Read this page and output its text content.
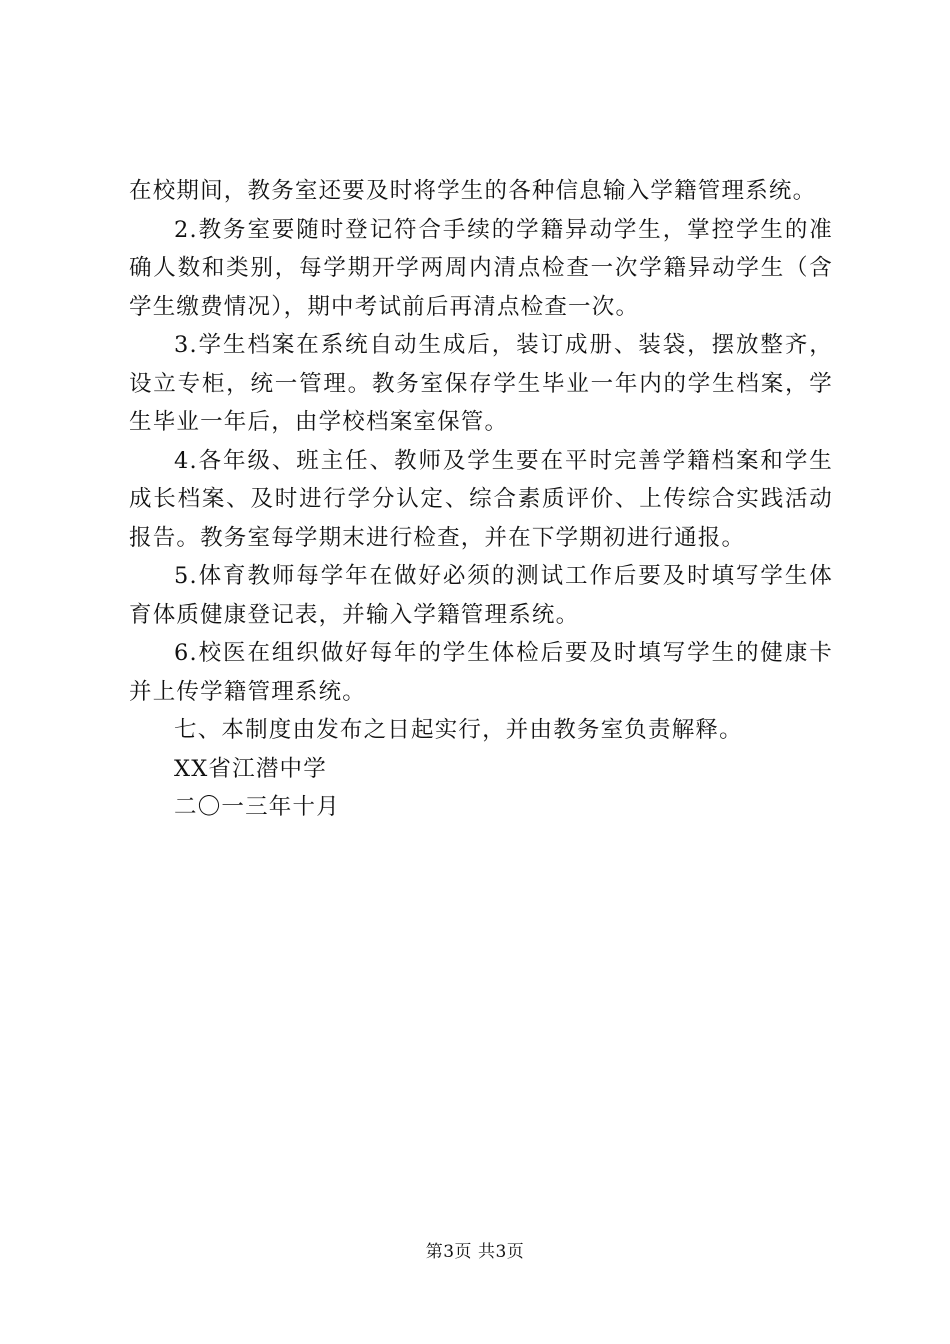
在校期间，教务室还要及时将学生的各种信息输入学籍管理系统。

2.教务室要随时登记符合手续的学籍异动学生，掌控学生的准确人数和类别，每学期开学两周内清点检查一次学籍异动学生（含学生缴费情况），期中考试前后再清点检查一次。

3.学生档案在系统自动生成后，装订成册、装袋，摆放整齐，设立专柜，统一管理。教务室保存学生毕业一年内的学生档案，学生毕业一年后，由学校档案室保管。

4.各年级、班主任、教师及学生要在平时完善学籍档案和学生成长档案、及时进行学分认定、综合素质评价、上传综合实践活动报告。教务室每学期末进行检查，并在下学期初进行通报。

5.体育教师每学年在做好必须的测试工作后要及时填写学生体育体质健康登记表，并输入学籍管理系统。

6.校医在组织做好每年的学生体检后要及时填写学生的健康卡并上传学籍管理系统。

七、本制度由发布之日起实行，并由教务室负责解释。

XX省江潜中学

二〇一三年十月

第3页 共3页
